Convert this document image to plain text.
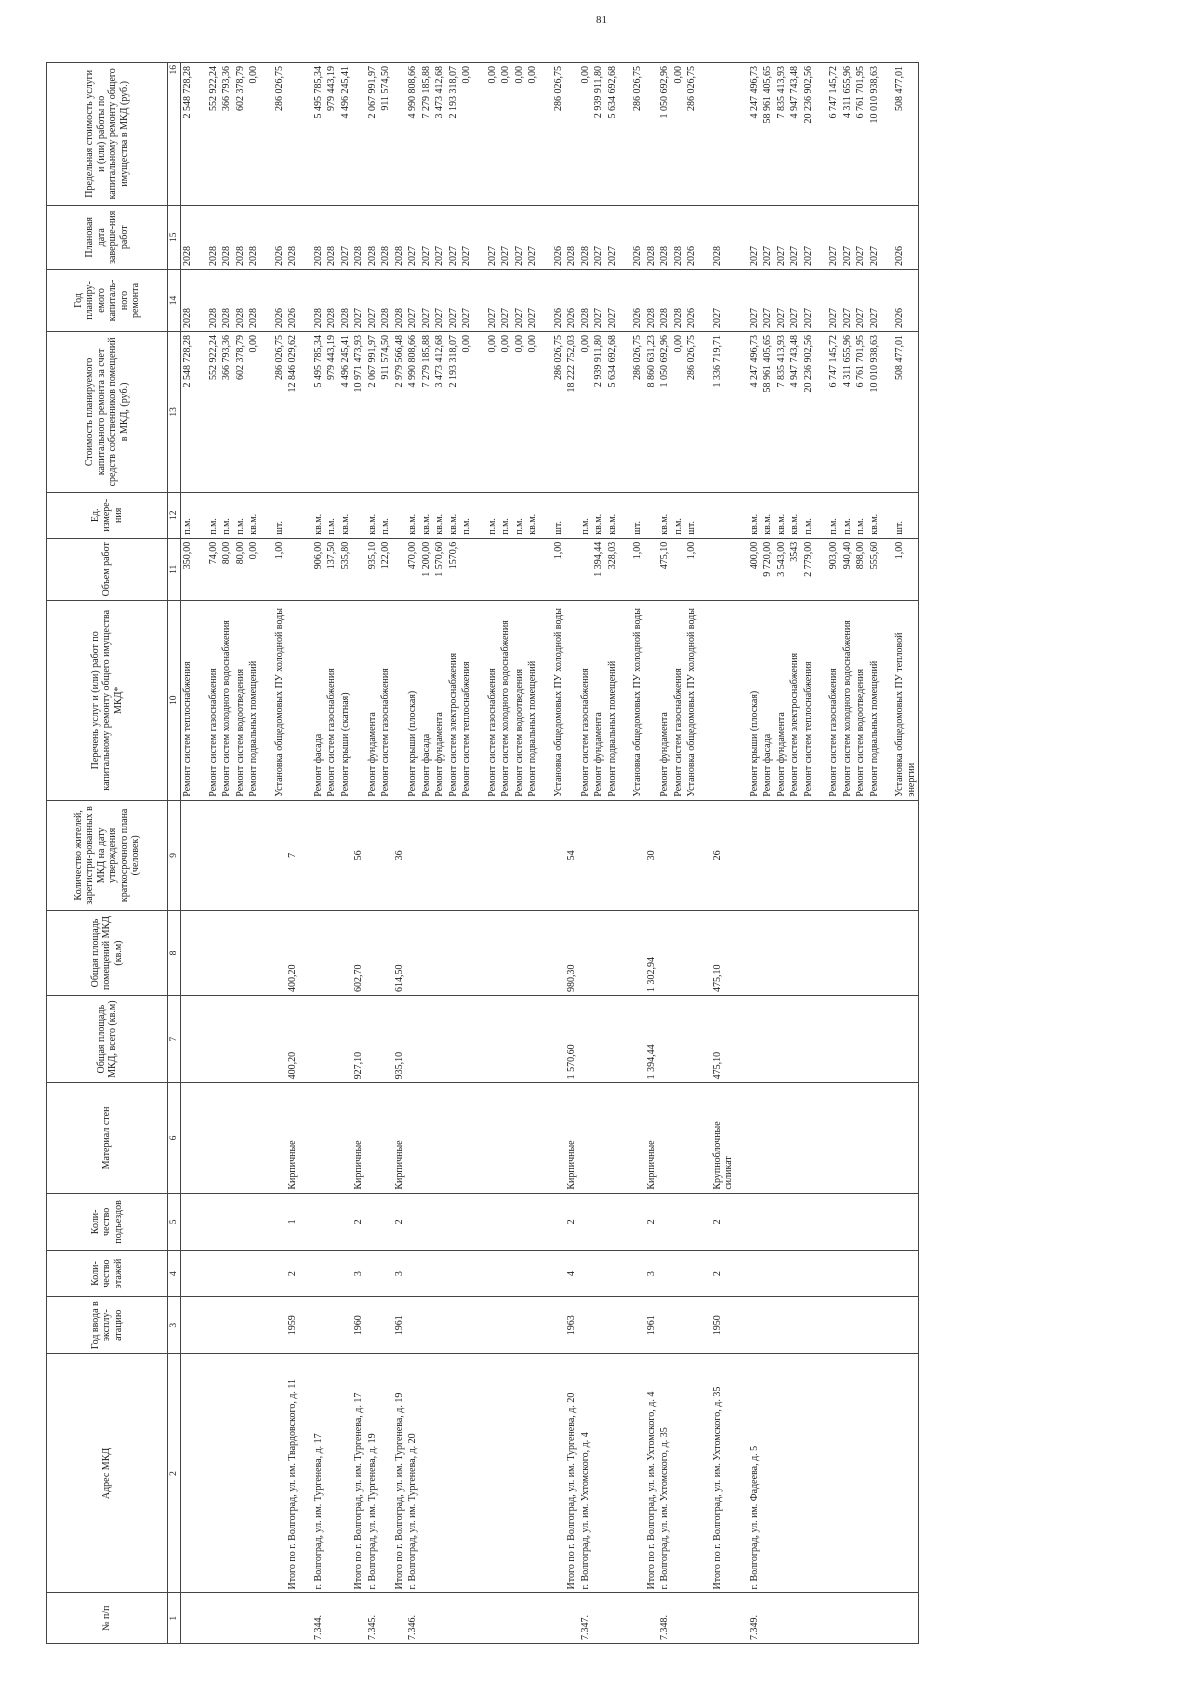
81
№ п/п	Адрес МКД	Год ввода в эксплу-атацию	Коли-чество этажей	Коли-чество подъездов	Материал стен	Общая площадь МКД, всего (кв.м)	Общая площадь помещений МКД (кв.м)	Количество жителей, зарегистри-рованных в МКД на дату утверждения краткосрочного плана (человек)	Перечень услуг и (или) работ по капитальному ремонту общего имущества МКД*	Объем работ	Ед. измере-ния	Стоимость планируемого капитального ремонта за счет средств собственников помещений в МКД, (руб.)	Год планиру-емого капиталь-ного ремонта	Плановая дата заверше-ния работ	Предельная стоимость услуги и (или) работы по капитальному ремонту общего имущества в МКД (руб.)
1	2	3	4	5	6	7	8	9	10	11	12	13	14	15	16
									Ремонт систем теплоснабжения	350,00	п.м.	2 548 728,28	2028	2028	2 548 728,28

									Ремонт систем газоснабжения	74,00	п.м.	552 922,24	2028	2028	552 922,24
									Ремонт систем холодного водоснабжения	80,00	п.м.	366 793,36	2028	2028	366 793,36
									Ремонт систем водоотведения	80,00	п.м.	602 378,79	2028	2028	602 378,79
									Ремонт подвальных помещений	0,00	кв.м.	0,00	2028	2028	0,00

									Установка общедомовых ПУ холодной воды	1,00	шт.	286 026,75	2026	2026	286 026,75
	Итого по г. Волгоград, ул. им. Твардовского, д. 11	1959	2	1	Кирпичные	400,20	400,20	7				12 846 029,62	2026	2028	

7.344.	г. Волгоград, ул. им. Тургенева, д. 17								Ремонт фасада	906,00	кв.м.	5 495 785,34	2028	2028	5 495 785,34
									Ремонт систем газоснабжения	137,50	п.м.	979 443,19	2028	2028	979 443,19
									Ремонт крыши (скатная)	535,80	кв.м.	4 496 245,41	2028	2027	4 496 245,41
	Итого по г. Волгоград, ул. им. Тургенева, д. 17	1960	3	2	Кирпичные	927,10	602,70	56				10 971 473,93	2027	2028	
7.345.	г. Волгоград, ул. им. Тургенева, д. 19								Ремонт фундамента	935,10	кв.м.	2 067 991,97	2027	2028	2 067 991,97
									Ремонт систем газоснабжения	122,00	п.м.	911 574,50	2028	2028	911 574,50
	Итого по г. Волгоград, ул. им. Тургенева, д. 19	1961	3	2	Кирпичные	935,10	614,50	36				2 979 566,48	2028	2028	
7.346.	г. Волгоград, ул. им. Тургенева, д. 20								Ремонт крыши (плоская)	470,00	кв.м.	4 990 808,66	2027	2027	4 990 808,66
									Ремонт фасада	1 200,00	кв.м.	7 279 185,88	2027	2027	7 279 185,88
									Ремонт фундамента	1 570,60	кв.м.	3 473 412,68	2027	2027	3 473 412,68
									Ремонт систем электроснабжения	1570,6	кв.м.	2 193 318,07	2027	2027	2 193 318,07
									Ремонт систем теплоснабжения		п.м.	0,00	2027	2027	0,00

									Ремонт систем газоснабжения		п.м.	0,00	2027	2027	0,00
									Ремонт систем холодного водоснабжения		п.м.	0,00	2027	2027	0,00
									Ремонт систем водоотведения		п.м.	0,00	2027	2027	0,00
									Ремонт подвальных помещений		кв.м.	0,00	2027	2027	0,00

									Установка общедомовых ПУ холодной воды	1,00	шт.	286 026,75	2026	2026	286 026,75
	Итого по г. Волгоград, ул. им. Тургенева, д. 20	1963	4	2	Кирпичные	1 570,60	980,30	54				18 222 752,03	2026	2028	
7.347.	г. Волгоград, ул. им. Ухтомского, д. 4								Ремонт систем газоснабжения		п.м.	0,00	2028	2028	0,00
									Ремонт фундамента	1 394,44	кв.м.	2 939 911,80	2027	2027	2 939 911,80
									Ремонт подвальных помещений	328,03	кв.м.	5 634 692,68	2027	2027	5 634 692,68

									Установка общедомовых ПУ холодной воды	1,00	шт.	286 026,75	2026	2026	286 026,75
	Итого по г. Волгоград, ул. им. Ухтомского, д. 4	1961	3	2	Кирпичные	1 394,44	1 302,94	30				8 860 631,23	2028	2028	
7.348.	г. Волгоград, ул. им. Ухтомского, д. 35								Ремонт фундамента	475,10	кв.м.	1 050 692,96	2028	2028	1 050 692,96
									Ремонт систем газоснабжения		п.м.	0,00	2028	2028	0,00
									Установка общедомовых ПУ холодной воды	1,00	шт.	286 026,75	2026	2026	286 026,75

	Итого по г. Волгоград, ул. им. Ухтомского, д. 35	1950	2	2	Крупноблочные силикат	475,10	475,10	26				1 336 719,71	2027	2028	

7.349.	г. Волгоград, ул. им. Фадеева, д. 5								Ремонт крыши (плоская)	400,00	кв.м.	4 247 496,73	2027	2027	4 247 496,73
									Ремонт фасада	9 720,00	кв.м.	58 961 405,65	2027	2027	58 961 405,65
									Ремонт фундамента	3 543,00	кв.м.	7 835 413,93	2027	2027	7 835 413,93
									Ремонт систем электроснабжения	3543	кв.м.	4 947 743,48	2027	2027	4 947 743,48
									Ремонт систем теплоснабжения	2 779,00	п.м.	20 236 902,56	2027	2027	20 236 902,56

									Ремонт систем газоснабжения	903,00	п.м.	6 747 145,72	2027	2027	6 747 145,72
									Ремонт систем холодного водоснабжения	940,40	п.м.	4 311 655,96	2027	2027	4 311 655,96
									Ремонт систем водоотведения	898,00	п.м.	6 761 701,95	2027	2027	6 761 701,95
									Ремонт подвальных помещений	555,60	кв.м.	10 010 938,63	2027	2027	10 010 938,63

									Установка общедомовых ПУ тепловой энергии	1,00	шт.	508 477,01	2026	2026	508 477,01
